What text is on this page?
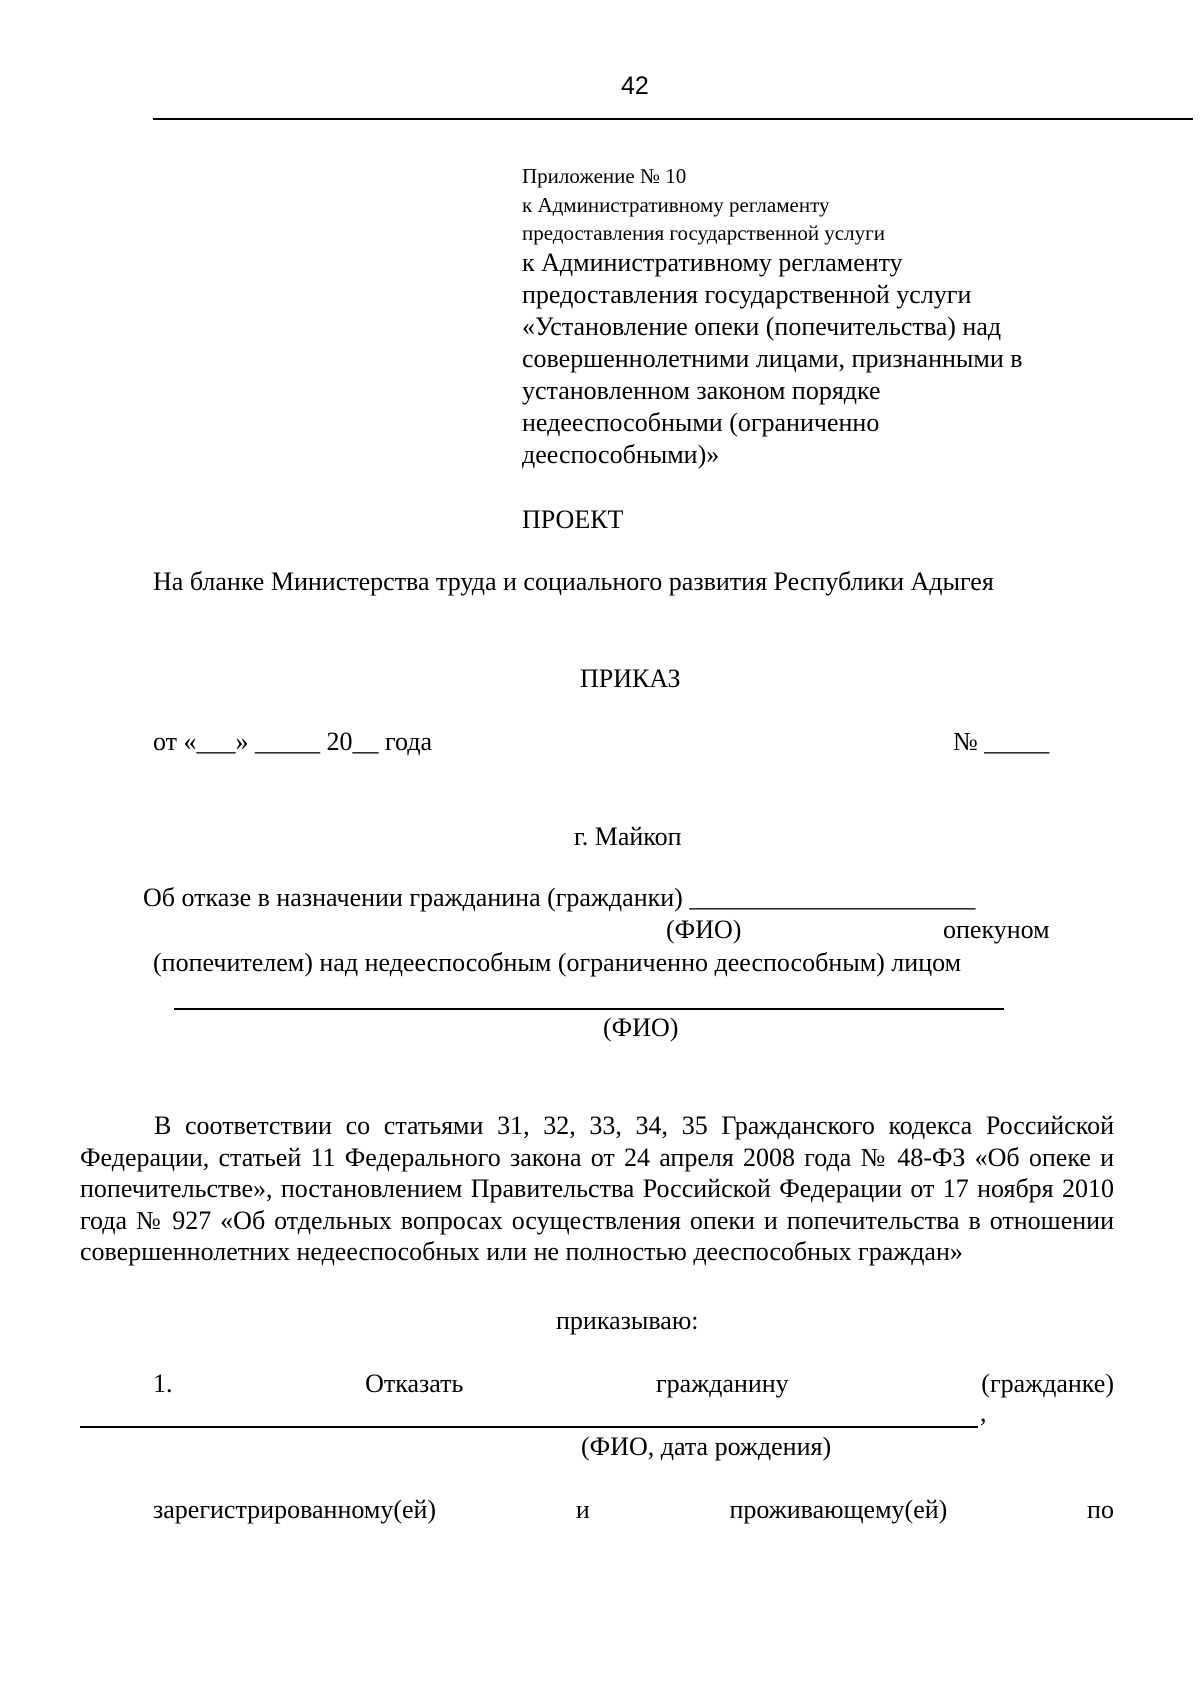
42
Приложение № 10
к Административному регламенту
предоставления государственной услуги
к Административному регламенту
предоставления государственной услуги
«Установление опеки (попечительства) над
совершеннолетними лицами, признанными в
установленном законом порядке
недееспособными (ограниченно
дееспособными)»
ПРОЕКТ
На бланке Министерства труда и социального развития Республики Адыгея
ПРИКАЗ
от «___» _____ 20__ года	№ _____
г. Майкоп
Об отказе в назначении гражданина (гражданки) ______________________
(ФИО)	опекуном
(попечителем) над недееспособным (ограниченно дееспособным) лицом
(ФИО)
В соответствии со статьями 31, 32, 33, 34, 35 Гражданского кодекса Российской Федерации, статьей 11 Федерального закона от 24 апреля 2008 года № 48-ФЗ «Об опеке и попечительстве», постановлением Правительства Российской Федерации от 17 ноября 2010 года № 927 «Об отдельных вопросах осуществления опеки и попечительства в отношении совершеннолетних недееспособных или не полностью дееспособных граждан»
приказываю:
1.	Отказать	гражданину	(гражданке)
,
(ФИО, дата рождения)
зарегистрированному(ей)	и	проживающему(ей)	по
